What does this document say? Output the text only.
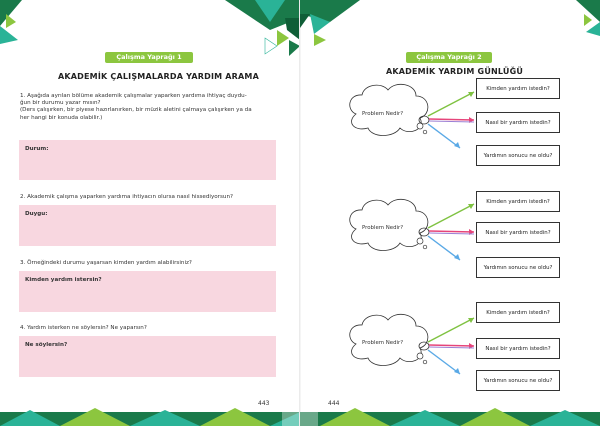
Çalışma Yaprağı 1
AKADEMİK ÇALIŞMALARDA YARDIM ARAMA
1. Aşağıda ayrılan bölüme akademik çalışmalar yaparken yardıma ihtiyaç duydu-
ğun bir durumu yazar mısın?
(Ders çalışırken, bir piyese hazırlanırken, bir müzik aletini çalmaya çalışırken ya da
her hangi bir konuda olabilir.)
Durum:
2. Akademik çalışma yaparken yardıma ihtiyacın olursa nasıl hissediyorsun?
Duygu:
3. Örneğindeki durumu yaşarsan kimden yardım alabilirsiniz?
Kimden yardım istersin?
4. Yardım isterken ne söylersin? Ne yaparsın?
Ne söylersin?
443
Çalışma Yaprağı 2
AKADEMİK YARDIM GÜNLÜĞÜ
444
Problem Nedir?
Kimden yardım istedin?
Nasıl bir yardım istedin?
Yardımın sonucu ne oldu?
Problem Nedir?
Kimden yardım istedin?
Nasıl bir yardım istedin?
Yardımın sonucu ne oldu?
Problem Nedir?
Kimden yardım istedin?
Nasıl bir yardım istedin?
Yardımın sonucu ne oldu?
